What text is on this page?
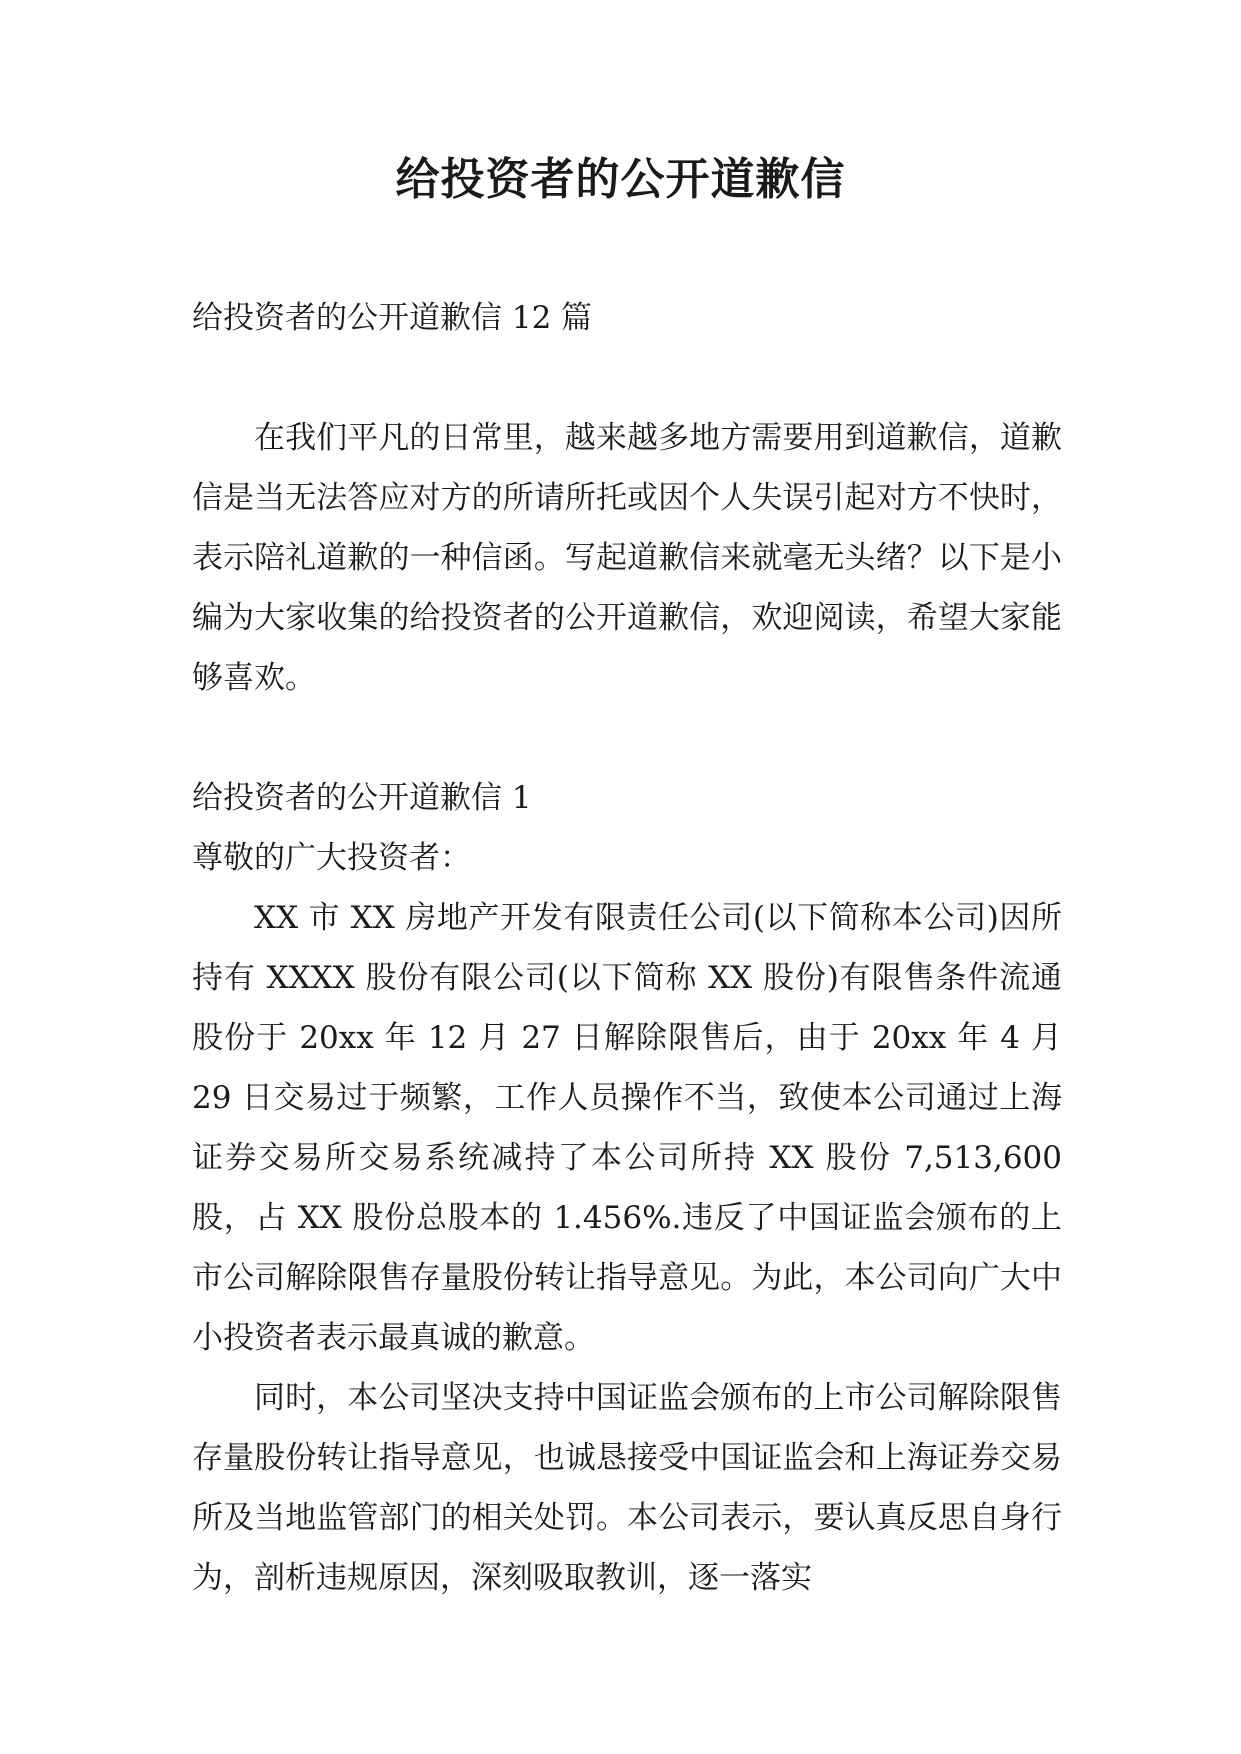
给投资者的公开道歉信

给投资者的公开道歉信 12 篇

在我们平凡的日常里，越来越多地方需要用到道歉信，道歉信是当无法答应对方的所请所托或因个人失误引起对方不快时，表示陪礼道歉的一种信函。写起道歉信来就毫无头绪？以下是小编为大家收集的给投资者的公开道歉信，欢迎阅读，希望大家能够喜欢。

给投资者的公开道歉信 1

尊敬的广大投资者：

XX 市 XX 房地产开发有限责任公司(以下简称本公司)因所持有 XXXX 股份有限公司(以下简称 XX 股份)有限售条件流通股份于 20xx 年 12 月 27 日解除限售后，由于 20xx 年 4 月 29 日交易过于频繁，工作人员操作不当，致使本公司通过上海证券交易所交易系统减持了本公司所持 XX 股份 7,513,600 股，占 XX 股份总股本的 1.456%.违反了中国证监会颁布的上市公司解除限售存量股份转让指导意见。为此，本公司向广大中小投资者表示最真诚的歉意。

同时，本公司坚决支持中国证监会颁布的上市公司解除限售存量股份转让指导意见，也诚恳接受中国证监会和上海证券交易所及当地监管部门的相关处罚。本公司表示，要认真反思自身行为，剖析违规原因，深刻吸取教训，逐一落实
